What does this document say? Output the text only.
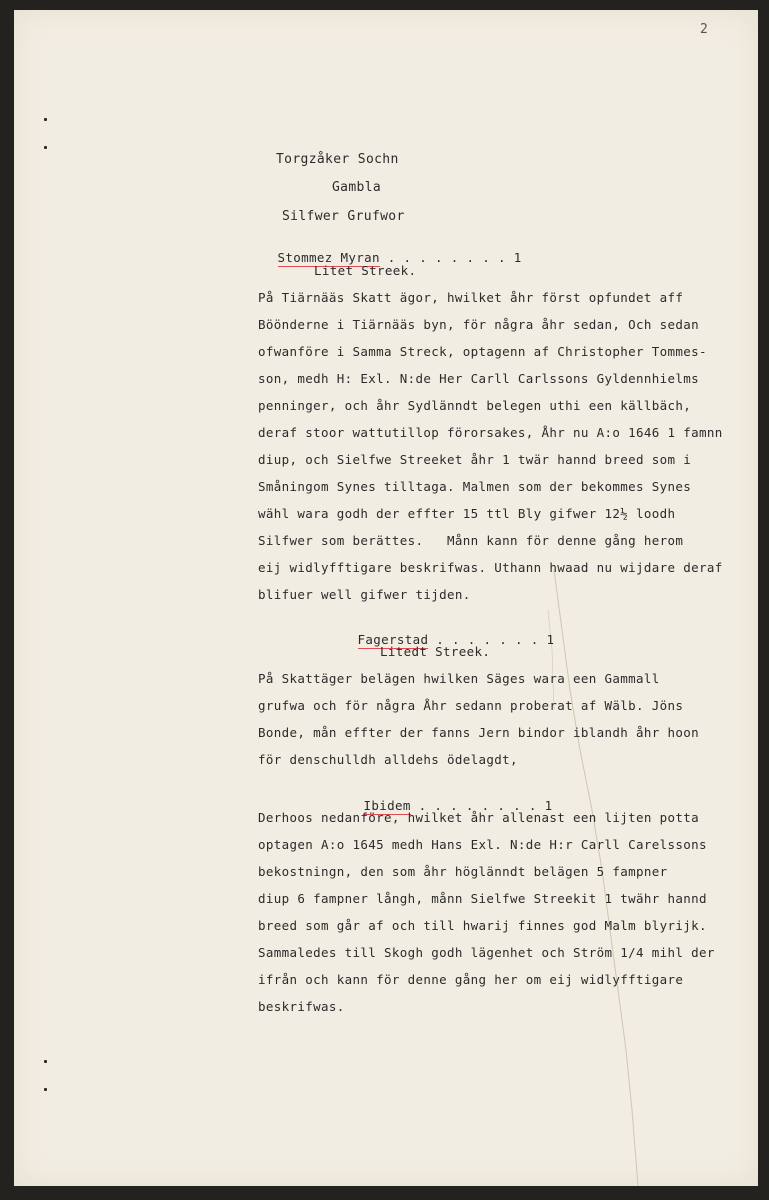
2
Torgzåker Sochn
Gambla
Silfwer Grufwor

Stommez Myran . . . . . . . . 1

Litet Streek.
På Tiärnääs Skatt ägor, hwilket åhr först opfundet aff
Böönderne i Tiärnääs byn, för några åhr sedan, Och sedan
ofwanföre i Samma Streck, optagenn af Christopher Tommes-
son, medh H: Exl. N:de Her Carll Carlssons Gyldennhielms
penninger, och åhr Sydlänndt belegen uthi een källbäch,
deraf stoor wattutillop förorsakes, Åhr nu A:o 1646 1 famnn
diup, och Sielfwe Streeket åhr 1 twär hannd breed som i
Småningom Synes tilltaga. Malmen som der bekommes Synes
wähl wara godh der effter 15 ttl Bly gifwer 12½ loodh
Silfwer som berättes.   Månn kann för denne gång herom
eij widlyfftigare beskrifwas. Uthann hwaad nu wijdare deraf
blifuer well gifwer tijden.

Fagerstad . . . . . . . 1

Litedt Streek.
På Skattäger belägen hwilken Säges wara een Gammall
grufwa och för några Åhr sedann proberat af Wälb. Jöns
Bonde, mån effter der fanns Jern bindor iblandh åhr hoon
för denschulldh alldehs ödelagdt,

Ibidem . . . . . . . . 1

Derhoos nedanföre, hwilket åhr allenast een lijten potta
optagen A:o 1645 medh Hans Exl. N:de H:r Carll Carelssons
bekostningn, den som åhr höglänndt belägen 5 fampner
diup 6 fampner långh, månn Sielfwe Streekit 1 twähr hannd
breed som går af och till hwarij finnes god Malm blyrijk.
Sammaledes till Skogh godh lägenhet och Ström 1/4 mihl der
ifrån och kann för denne gång her om eij widlyfftigare
beskrifwas.
